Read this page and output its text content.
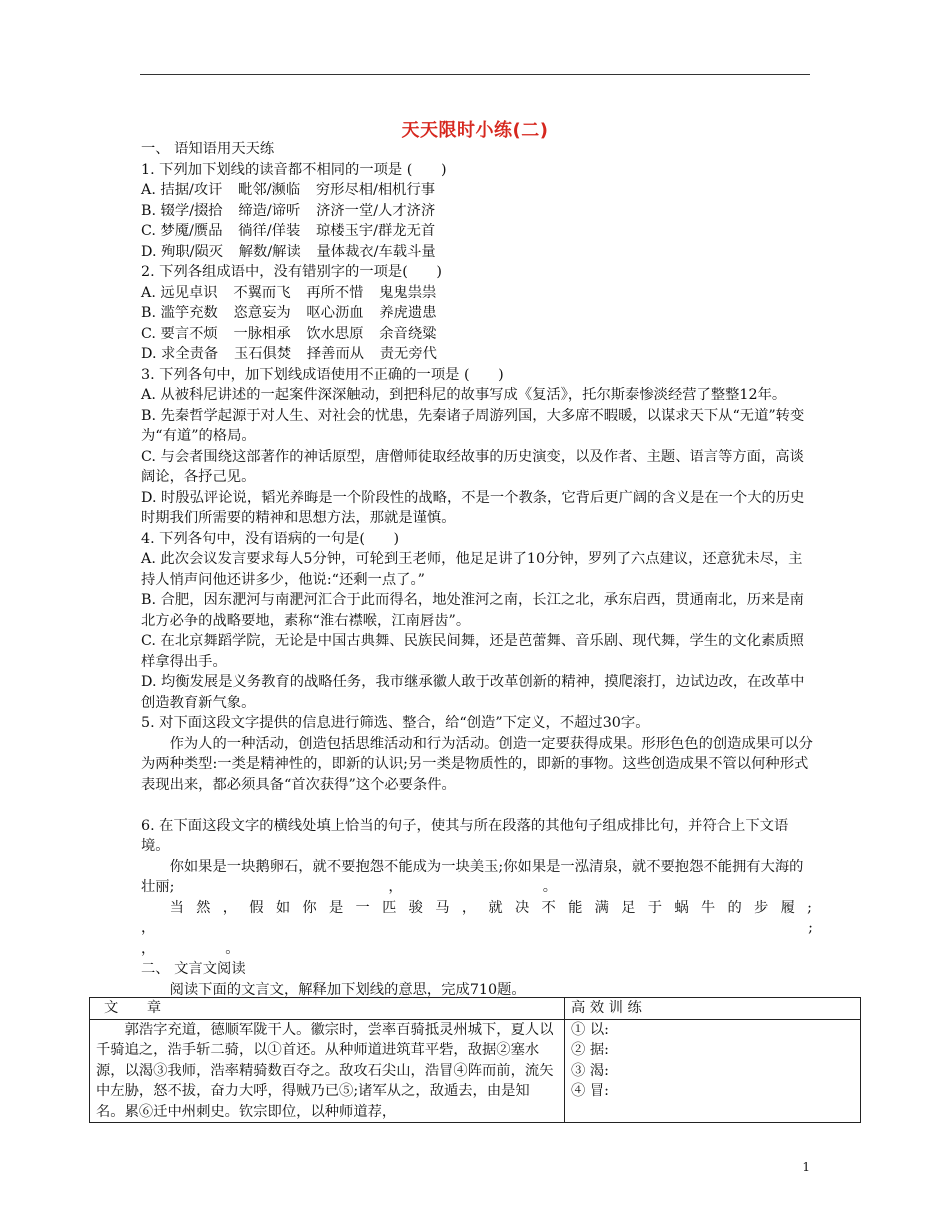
天天限时小练(二)

一、 语知语用天天练

1. 下列加下划线的读音都不相同的一项是 (　　)

A. 拮据/攻讦 毗邻/濒临 穷形尽相/相机行事

B. 辍学/掇拾 缔造/谛听 济济一堂/人才济济

C. 梦魇/赝品 徜徉/佯装 琼楼玉宇/群龙无首

D. 殉职/陨灭 解数/解读 量体裁衣/车载斗量

2. 下列各组成语中，没有错别字的一项是(　　)

A. 远见卓识 不翼而飞 再所不惜 鬼鬼祟祟

B. 滥竽充数 恣意妄为 呕心沥血 养虎遗患

C. 要言不烦 一脉相承 饮水思原 余音绕粱

D. 求全责备 玉石俱焚 择善而从 责无旁代

3. 下列各句中，加下划线成语使用不正确的一项是 (　　)

A. 从被科尼讲述的一起案件深深触动，到把科尼的故事写成《复活》，托尔斯泰惨淡经营了整整12年。

B. 先秦哲学起源于对人生、对社会的忧患，先秦诸子周游列国，大多席不暇暖，以谋求天下从“无道”转变为“有道”的格局。

C. 与会者围绕这部著作的神话原型，唐僧师徒取经故事的历史演变，以及作者、主题、语言等方面，高谈阔论，各抒己见。

D. 时殷弘评论说，韬光养晦是一个阶段性的战略，不是一个教条，它背后更广阔的含义是在一个大的历史时期我们所需要的精神和思想方法，那就是谨慎。

4. 下列各句中，没有语病的一句是(　　)

A. 此次会议发言要求每人5分钟，可轮到王老师，他足足讲了10分钟，罗列了六点建议，还意犹未尽，主持人悄声问他还讲多少，他说:“还剩一点了。”

B. 合肥，因东淝河与南淝河汇合于此而得名，地处淮河之南，长江之北，承东启西，贯通南北，历来是南北方必争的战略要地，素称“淮右襟喉，江南唇齿”。

C. 在北京舞蹈学院，无论是中国古典舞、民族民间舞，还是芭蕾舞、音乐剧、现代舞，学生的文化素质照样拿得出手。

D. 均衡发展是义务教育的战略任务，我市继承徽人敢于改革创新的精神，摸爬滚打，边试边改，在改革中创造教育新气象。

5. 对下面这段文字提供的信息进行筛选、整合，给“创造”下定义，不超过30字。

作为人的一种活动，创造包括思维活动和行为活动。创造一定要获得成果。形形色色的创造成果可以分为两种类型:一类是精神性的，即新的认识;另一类是物质性的，即新的事物。这些创造成果不管以何种形式表现出来，都必须具备“首次获得”这个必要条件。

6. 在下面这段文字的横线处填上恰当的句子，使其与所在段落的其他句子组成排比句，并符合上下文语境。

你如果是一块鹅卵石，就不要抱怨不能成为一块美玉;你如果是一泓清泉，就不要抱怨不能拥有大海的壮丽;	，	。

当然，假如你是一匹骏马，就决不能满足于蜗牛的步履;

，	;

，	。

二、 文言文阅读

阅读下面的文言文，解释加下划线的意思，完成710题。

文　　章	高 效 训 练

郭浩字充道，德顺军陇干人。徽宗时，尝率百骑抵灵州城下，夏人以千骑追之，浩手斩二骑，以①首还。从种师道进筑茸平砦，敌据②塞水源，以渴③我师，浩率精骑数百夺之。敌攻石尖山，浩冒④阵而前，流矢中左胁，怒不拔，奋力大呼，得贼乃已⑤;诸军从之，敌遁去，由是知名。累⑥迁中州刺史。钦宗即位，以种师道荐，	① 以:
② 据:
③ 渴:
④ 冒:
1
